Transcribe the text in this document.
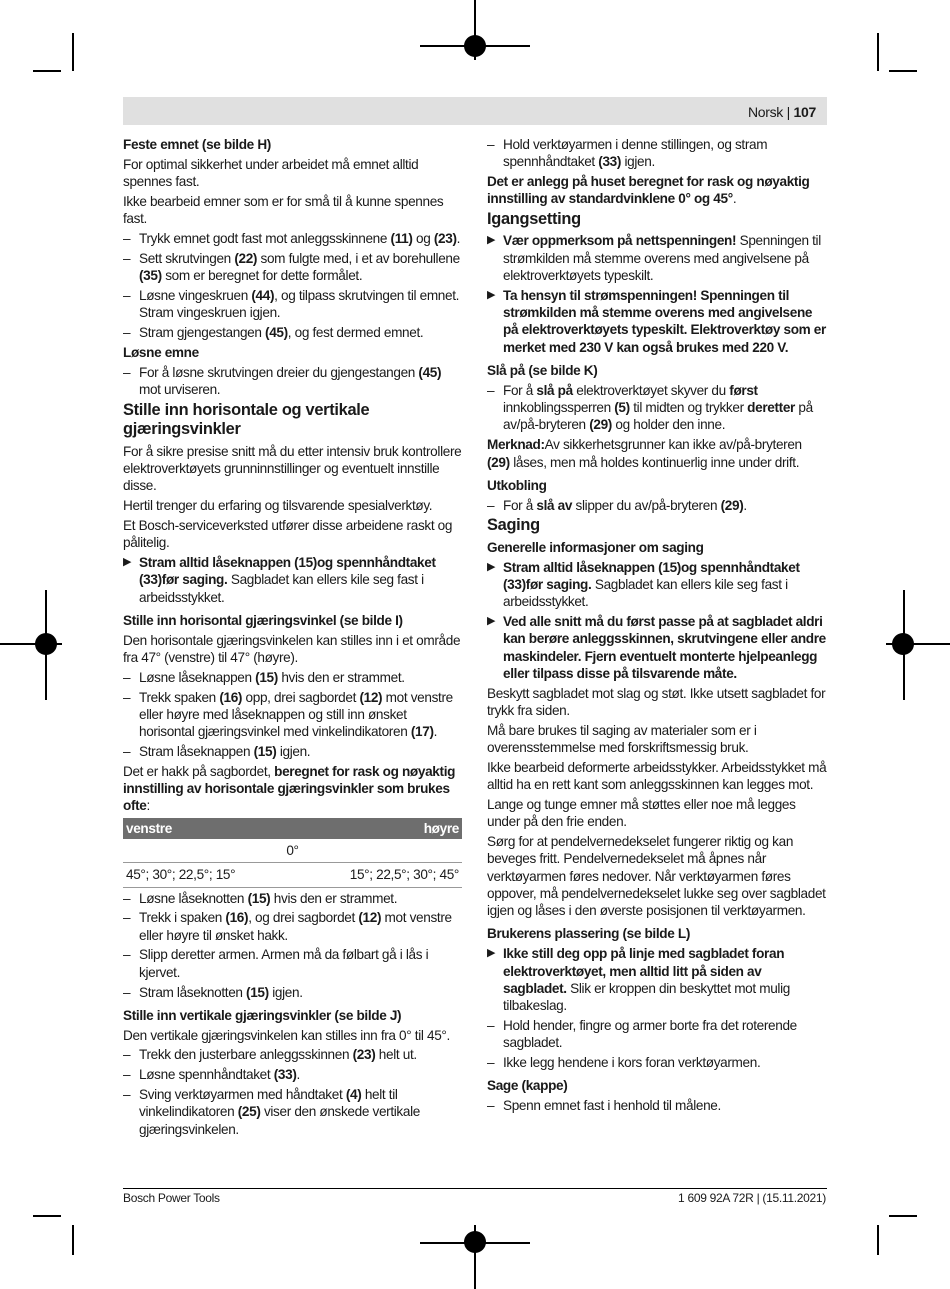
Norsk | 107

Feste emnet (se bilde H)

For optimal sikkerhet under arbeidet må emnet alltid spennes fast.

Ikke bearbeid emner som er for små til å kunne spennes fast.

– Trykk emnet godt fast mot anleggsskinnene (11) og (23).

– Sett skrutvingen (22) som fulgte med, i et av borehullene (35) som er beregnet for dette formålet.

– Løsne vingeskruen (44), og tilpass skrutvingen til emnet. Stram vingeskruen igjen.

– Stram gjengestangen (45), og fest dermed emnet.

Løsne emne

– For å løsne skrutvingen dreier du gjengestangen (45) mot urviseren.

Stille inn horisontale og vertikale gjæringsvinkler

For å sikre presise snitt må du etter intensiv bruk kontrollere elektroverktøyets grunninnstillinger og eventuelt innstille disse.

Hertil trenger du erfaring og tilsvarende spesialverktøy.

Et Bosch-serviceverksted utfører disse arbeidene raskt og pålitelig.

▶ Stram alltid låseknappen (15)og spennhåndtaket (33)før saging. Sagbladet kan ellers kile seg fast i arbeidsstykket.

Stille inn horisontal gjæringsvinkel (se bilde I)

Den horisontale gjæringsvinkelen kan stilles inn i et område fra 47° (venstre) til 47° (høyre).

– Løsne låseknappen (15) hvis den er strammet.

– Trekk spaken (16) opp, drei sagbordet (12) mot venstre eller høyre med låseknappen og still inn ønsket horisontal gjæringsvinkel med vinkelindikatoren (17).

– Stram låseknappen (15) igjen.

Det er hakk på sagbordet, beregnet for rask og nøyaktig innstilling av horisontale gjæringsvinkler som brukes ofte:

venstre	høyre
0°	
45°; 30°; 22,5°; 15°	15°; 22,5°; 30°; 45°

– Løsne låseknotten (15) hvis den er strammet.

– Trekk i spaken (16), og drei sagbordet (12) mot venstre eller høyre til ønsket hakk.

– Slipp deretter armen. Armen må da følbart gå i lås i kjervet.

– Stram låseknotten (15) igjen.

Stille inn vertikale gjæringsvinkler (se bilde J)

Den vertikale gjæringsvinkelen kan stilles inn fra 0° til 45°.

– Trekk den justerbare anleggsskinnen (23) helt ut.

– Løsne spennhåndtaket (33).

– Sving verktøyarmen med håndtaket (4) helt til vinkelindikatoren (25) viser den ønskede vertikale gjæringsvinkelen.

– Hold verktøyarmen i denne stillingen, og stram spennhåndtaket (33) igjen.

Det er anlegg på huset beregnet for rask og nøyaktig innstilling av standardvinklene 0° og 45°.

Igangsetting

▶ Vær oppmerksom på nettspenningen! Spenningen til strømkilden må stemme overens med angivelsene på elektroverktøyets typeskilt.

▶ Ta hensyn til strømspenningen! Spenningen til strømkilden må stemme overens med angivelsene på elektroverktøyets typeskilt. Elektroverktøy som er merket med 230 V kan også brukes med 220 V.

Slå på (se bilde K)

– For å slå på elektroverktøyet skyver du først innkoblingssperren (5) til midten og trykker deretter på av/på-bryteren (29) og holder den inne.

Merknad:Av sikkerhetsgrunner kan ikke av/på-bryteren (29) låses, men må holdes kontinuerlig inne under drift.

Utkobling

– For å slå av slipper du av/på-bryteren (29).

Saging

Generelle informasjoner om saging

▶ Stram alltid låseknappen (15)og spennhåndtaket (33)før saging. Sagbladet kan ellers kile seg fast i arbeidsstykket.

▶ Ved alle snitt må du først passe på at sagbladet aldri kan berøre anleggsskinnen, skrutvingene eller andre maskindeler. Fjern eventuelt monterte hjelpeanlegg eller tilpass disse på tilsvarende måte.

Beskytt sagbladet mot slag og støt. Ikke utsett sagbladet for trykk fra siden.

Må bare brukes til saging av materialer som er i overensstemmelse med forskriftsmessig bruk.

Ikke bearbeid deformerte arbeidsstykker. Arbeidsstykket må alltid ha en rett kant som anleggsskinnen kan legges mot.

Lange og tunge emner må støttes eller noe må legges under på den frie enden.

Sørg for at pendelvernedekselet fungerer riktig og kan beveges fritt. Pendelvernedekselet må åpnes når verktøyarmen føres nedover. Når verktøyarmen føres oppover, må pendelvernedekselet lukke seg over sagbladet igjen og låses i den øverste posisjonen til verktøyarmen.

Brukerens plassering (se bilde L)

▶ Ikke still deg opp på linje med sagbladet foran elektroverktøyet, men alltid litt på siden av sagbladet. Slik er kroppen din beskyttet mot mulig tilbakeslag.

– Hold hender, fingre og armer borte fra det roterende sagbladet.

– Ikke legg hendene i kors foran verktøyarmen.

Sage (kappe)

– Spenn emnet fast i henhold til målene.

Bosch Power Tools	1 609 92A 72R | (15.11.2021)
